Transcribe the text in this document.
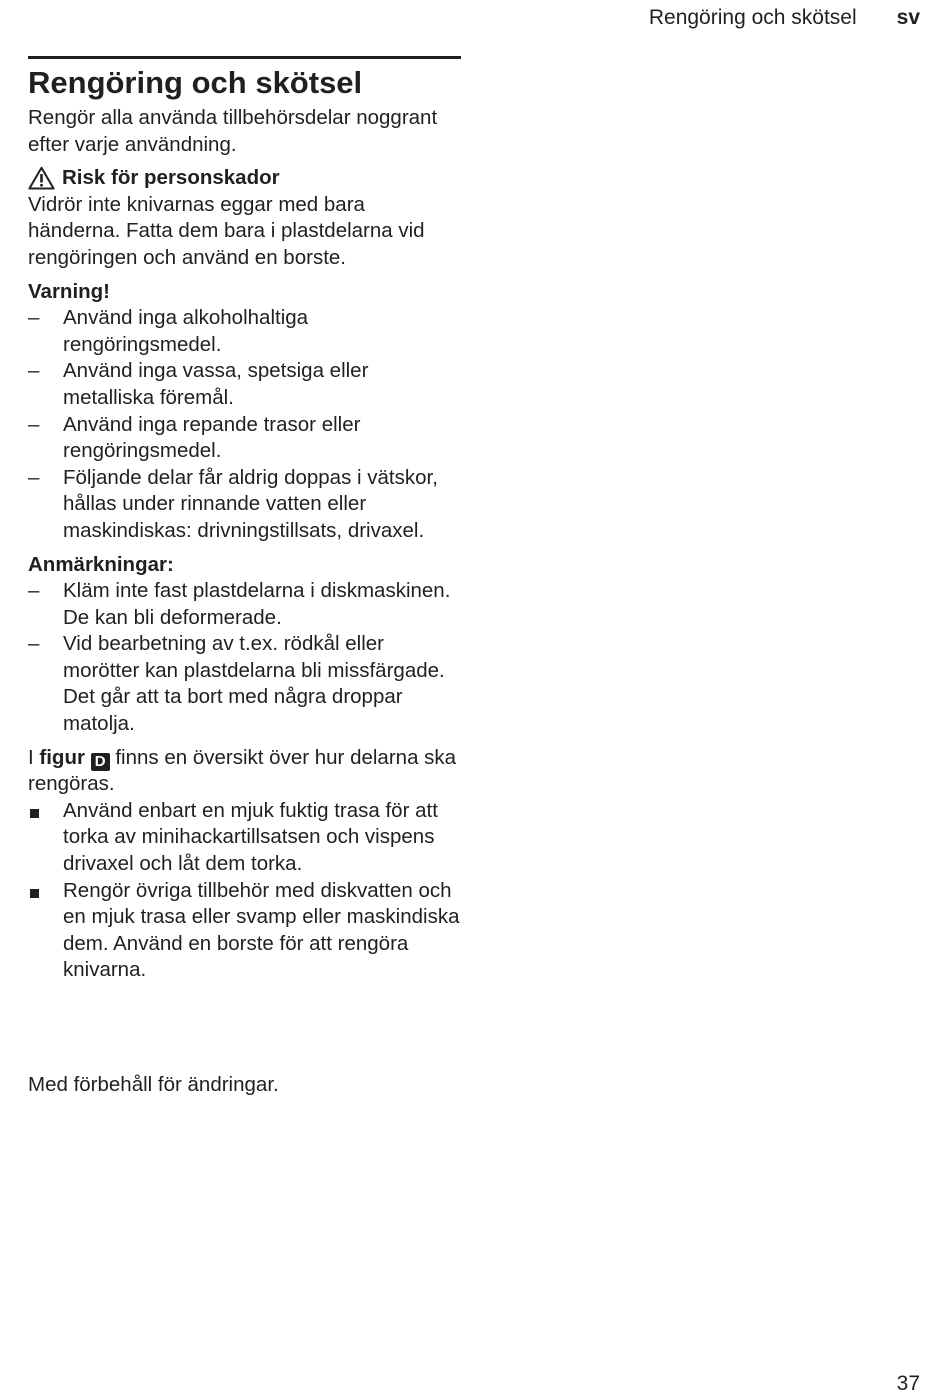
Rengöring och skötsel sv
Rengöring och skötsel

Rengör alla använda tillbehörsdelar noggrant efter varje användning.

Risk för personskador

Vidrör inte knivarnas eggar med bara händerna. Fatta dem bara i plastdelarna vid rengöringen och använd en borste.

Varning!

– Använd inga alkoholhaltiga rengöringsmedel.
– Använd inga vassa, spetsiga eller metalliska föremål.
– Använd inga repande trasor eller rengöringsmedel.
– Följande delar får aldrig doppas i vätskor, hållas under rinnande vatten eller maskindiskas: drivningstillsats, drivaxel.

Anmärkningar:

– Kläm inte fast plastdelarna i diskmaskinen. De kan bli deformerade.
– Vid bearbetning av t.ex. rödkål eller morötter kan plastdelarna bli missfärgade. Det går att ta bort med några droppar matolja.

I figur D finns en översikt över hur delarna ska rengöras.

Använd enbart en mjuk fuktig trasa för att torka av minihackartillsatsen och vispens drivaxel och låt dem torka.
Rengör övriga tillbehör med diskvatten och en mjuk trasa eller svamp eller maskindiska dem. Använd en borste för att rengöra knivarna.

Med förbehåll för ändringar.

37
